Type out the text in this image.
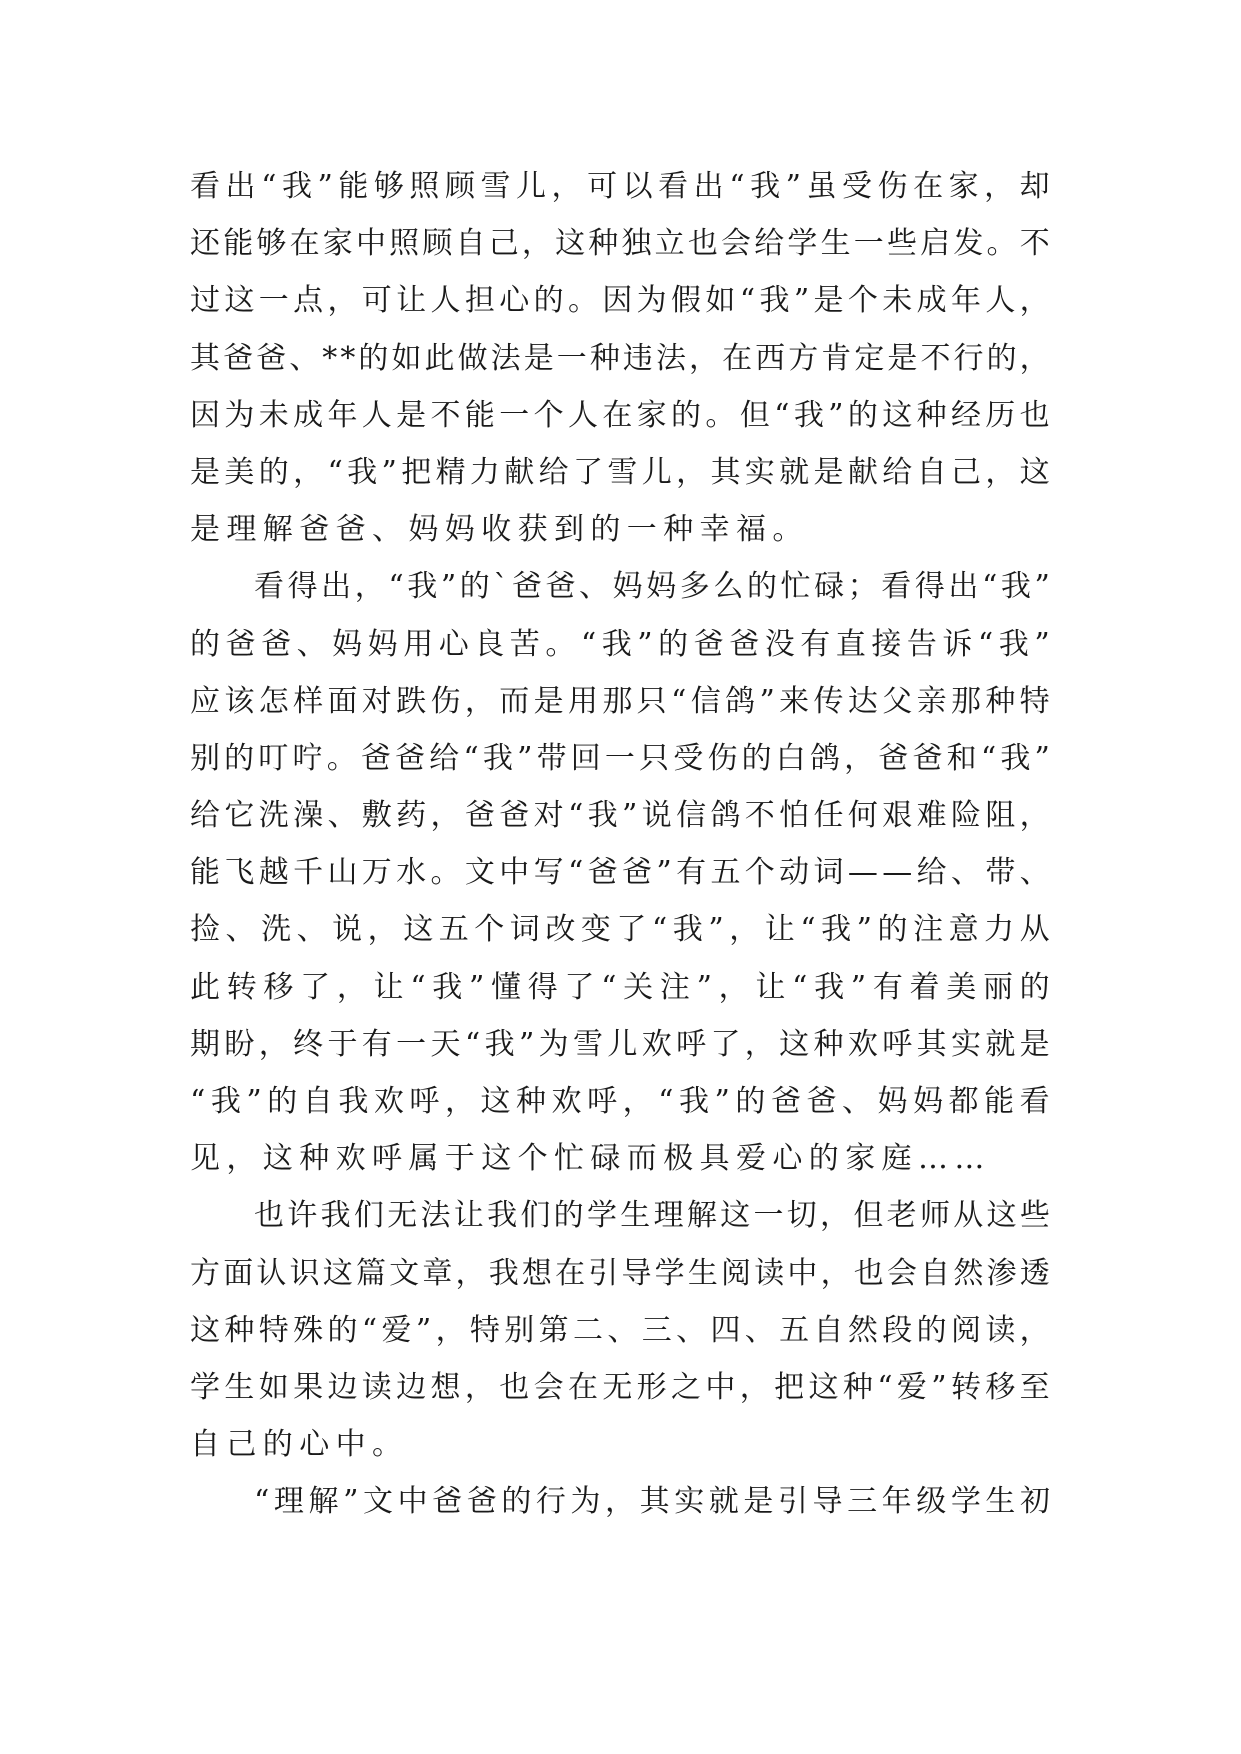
看 出 “ 我 ” 能 够 照 顾 雪 儿 ， 可 以 看 出 “ 我 ” 虽 受 伤 在 家 ， 却
还 能 够 在 家 中 照 顾 自 己 ， 这 种 独 立 也 会 给 学 生 一 些 启 发 。 不
过 这 一 点 ， 可 让 人 担 心 的 。 因 为 假 如 “ 我 ” 是 个 未 成 年 人 ，
其 爸 爸 、 * * 的 如 此 做 法 是 一 种 违 法 ， 在 西 方 肯 定 是 不 行 的 ，
因 为 未 成 年 人 是 不 能 一 个 人 在 家 的 。 但 “ 我 ” 的 这 种 经 历 也
是 美 的 ， “ 我 ” 把 精 力 献 给 了 雪 儿 ， 其 实 就 是 献 给 自 己 ， 这
是理解爸爸、妈妈收获到的一种幸福。
看 得 出 ， “ 我 ” 的 ` 爸 爸 、 妈 妈 多 么 的 忙 碌 ； 看 得 出 “ 我 ”
的 爸 爸 、 妈 妈 用 心 良 苦 。 “ 我 ” 的 爸 爸 没 有 直 接 告 诉 “ 我 ”
应 该 怎 样 面 对 跌 伤 ， 而 是 用 那 只 “ 信 鸽 ” 来 传 达 父 亲 那 种 特
别 的 叮 咛 。 爸 爸 给 “ 我 ” 带 回 一 只 受 伤 的 白 鸽 ， 爸 爸 和 “ 我 ”
给 它 洗 澡 、 敷 药 ， 爸 爸 对 “ 我 ” 说 信 鸽 不 怕 任 何 艰 难 险 阻 ，
能 飞 越 千 山 万 水 。 文 中 写 “ 爸 爸 ” 有 五 个 动 词 — — 给 、 带 、
捡 、 洗 、 说 ， 这 五 个 词 改 变 了 “ 我 ” ， 让 “ 我 ” 的 注 意 力 从
此 转 移 了 ， 让 “ 我 ” 懂 得 了 “ 关 注 ” ， 让 “ 我 ” 有 着 美 丽 的
期 盼 ， 终 于 有 一 天 “ 我 ” 为 雪 儿 欢 呼 了 ， 这 种 欢 呼 其 实 就 是
“ 我 ” 的 自 我 欢 呼 ， 这 种 欢 呼 ， “ 我 ” 的 爸 爸 、 妈 妈 都 能 看
见，这种欢呼属于这个忙碌而极具爱心的家庭……
也 许 我 们 无 法 让 我 们 的 学 生 理 解 这 一 切 ， 但 老 师 从 这 些
方 面 认 识 这 篇 文 章 ， 我 想 在 引 导 学 生 阅 读 中 ， 也 会 自 然 渗 透
这 种 特 殊 的 “ 爱 ” ， 特 别 第 二 、 三 、 四 、 五 自 然 段 的 阅 读 ，
学 生 如 果 边 读 边 想 ， 也 会 在 无 形 之 中 ， 把 这 种 “ 爱 ” 转 移 至
自己的心中。
“ 理 解 ” 文 中 爸 爸 的 行 为 ， 其 实 就 是 引 导 三 年 级 学 生 初
